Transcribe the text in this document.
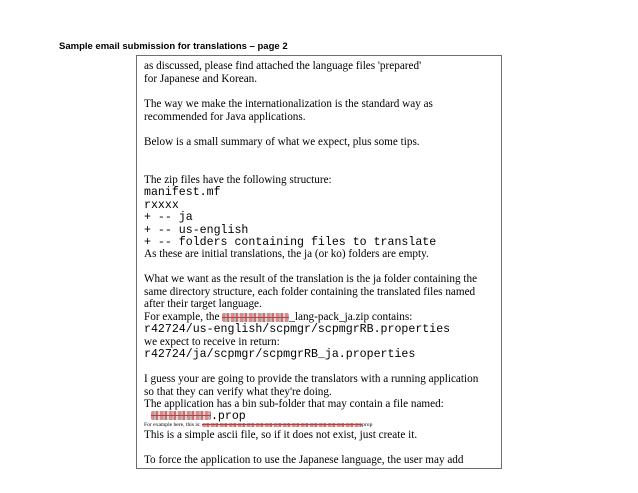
Sample email submission for translations – page 2
as discussed, please find attached the language files 'prepared'
for Japanese and Korean.
The way we make the internationalization is the standard way as
recommended for Java applications.
Below is a small summary of what we expect, plus some tips.
The zip files have the following structure:
manifest.mf
rxxxx
+ -- ja
+ -- us-english
+ -- folders containing files to translate
As these are initial translations, the ja (or ko) folders are empty.
What we want as the result of the translation is the ja folder containing the
same directory structure, each folder containing the translated files named
after their target language.
For example, the	_lang-pack_ja.zip contains:
r42724/us-english/scpmgr/scpmgrRB.properties
we expect to receive in return:
r42724/ja/scpmgr/scpmgrRB_ja.properties
I guess your are going to provide the translators with a running application
so that they can verify what they're doing.
The application has a bin sub-folder that may contain a file named:
.prop
For example here, this is:	prop
This is a simple ascii file, so if it does not exist, just create it.
To force the application to use the Japanese language, the user may add
